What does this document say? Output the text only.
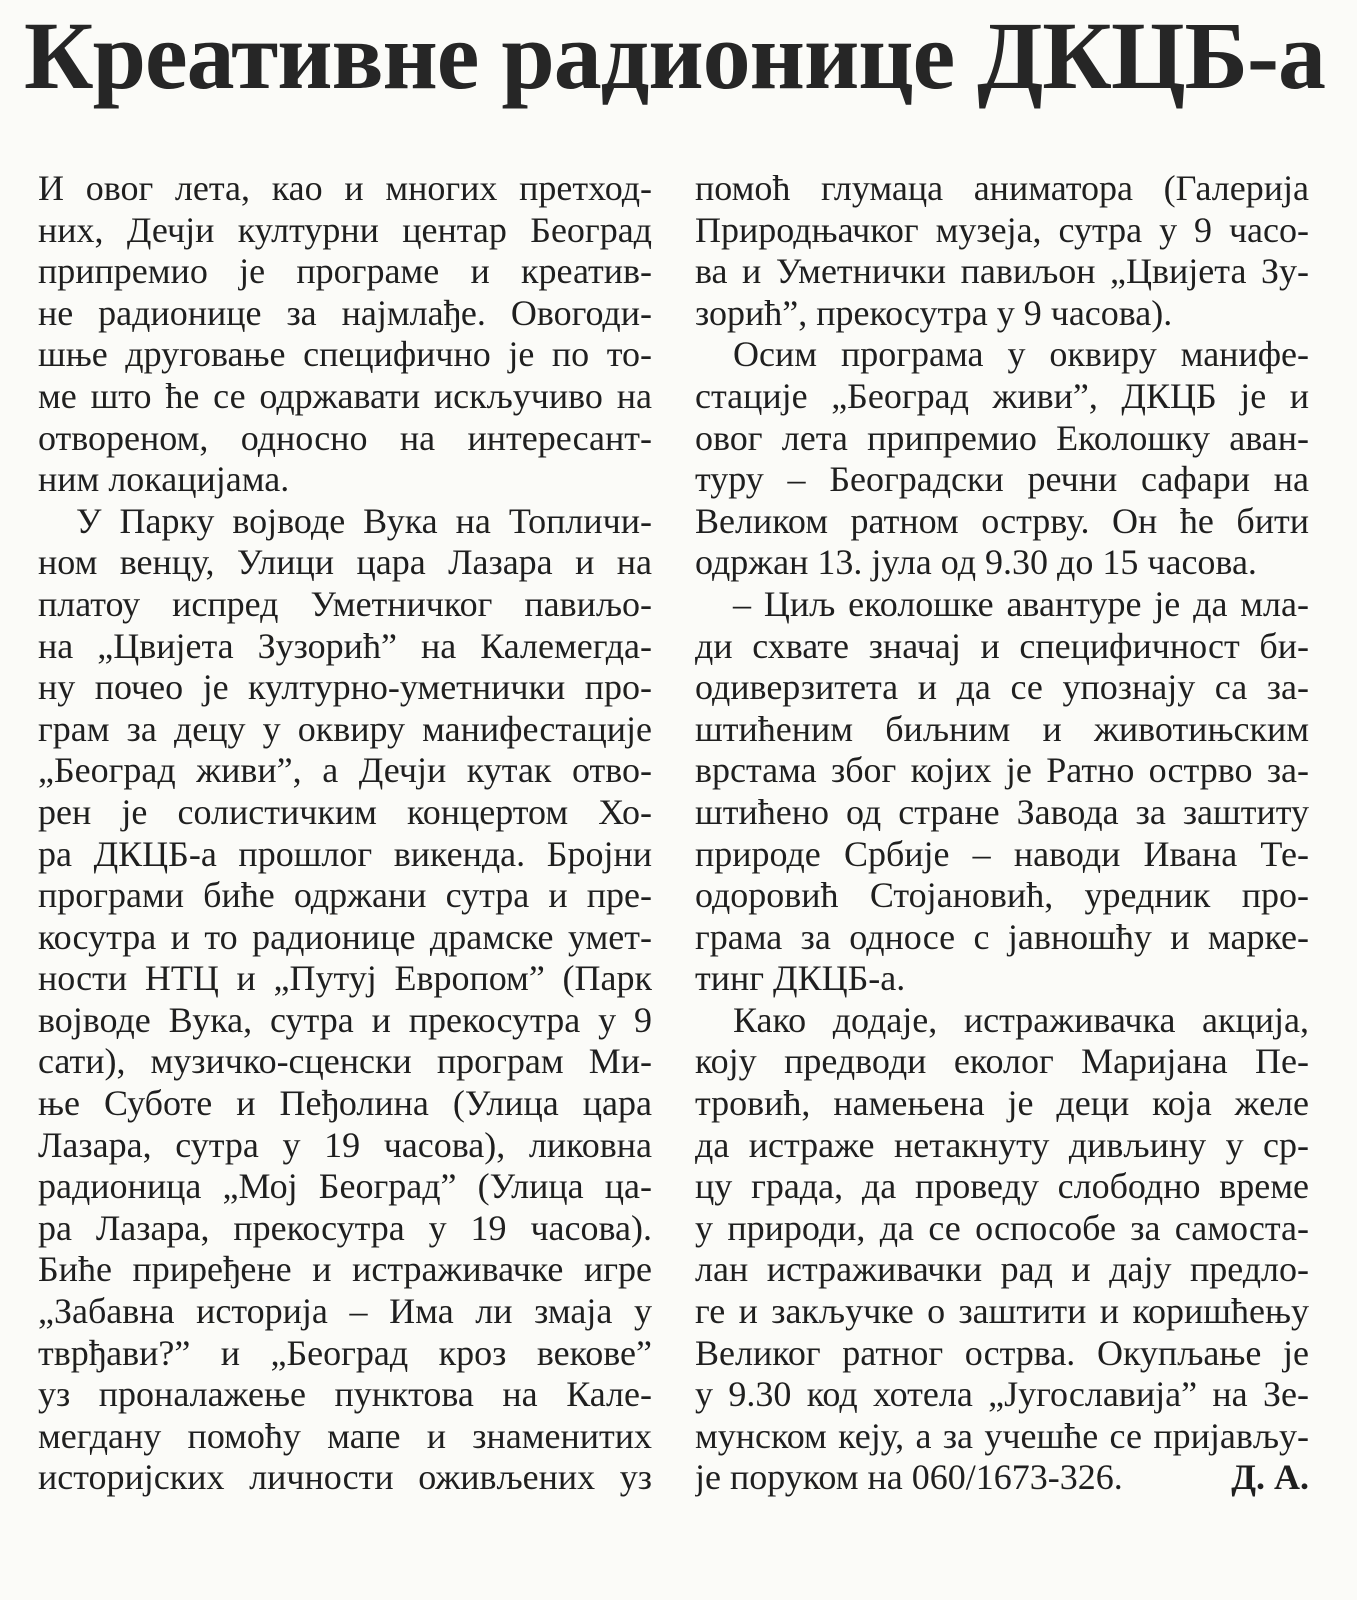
Креативне радионице ДКЦБ-а
И овог лета, као и многих претход-
них, Дечји културни центар Београд
припремио је програме и креатив-
не радионице за најмлађе. Овогоди-
шње друговање специфично је по то-
ме што ће се одржавати искључиво на
отвореном, односно на интересант-
ним локацијама.
У Парку војводе Вука на Топличи-
ном венцу, Улици цара Лазара и на
платоу испред Уметничког павиљо-
на „Цвијета Зузорић” на Калемегда-
ну почео је културно-уметнички про-
грам за децу у оквиру манифестације
„Београд живи”, а Дечји кутак отво-
рен је солистичким концертом Хо-
ра ДКЦБ-а прошлог викенда. Бројни
програми биће одржани сутра и пре-
косутра и то радионице драмске умет-
ности НТЦ и „Путуј Европом” (Парк
војводе Вука, сутра и прекосутра у 9
сати), музичко-сценски програм Ми-
ње Суботе и Пеђолина (Улица цара
Лазара, сутра у 19 часова), ликовна
радионица „Мој Београд” (Улица ца-
ра Лазара, прекосутра у 19 часова).
Биће приређене и истраживачке игре
„Забавна историја – Има ли змаја у
тврђави?” и „Београд кроз векове”
уз проналажење пунктова на Кале-
мегдану помоћу мапе и знаменитих
историјских личности оживљених уз
помоћ глумаца аниматора (Галерија
Природњачког музеја, сутра у 9 часо-
ва и Уметнички павиљон „Цвијета Зу-
зорић”, прекосутра у 9 часова).
Осим програма у оквиру манифе-
стације „Београд живи”, ДКЦБ је и
овог лета припремио Еколошку аван-
туру – Београдски речни сафари на
Великом ратном острву. Он ће бити
одржан 13. јула од 9.30 до 15 часова.
– Циљ еколошке авантуре је да мла-
ди схвате значај и специфичност би-
одиверзитета и да се упознају са за-
штићеним биљним и животињским
врстама због којих је Ратно острво за-
штићено од стране Завода за заштиту
природе Србије – наводи Ивана Те-
одоровић Стојановић, уредник про-
грама за односе с јавношћу и марке-
тинг ДКЦБ-а.
Како додаје, истраживачка акција,
коју предводи еколог Маријана Пе-
тровић, намењена је деци која желе
да истраже нетакнуту дивљину у ср-
цу града, да проведу слободно време
у природи, да се оспособе за самоста-
лан истраживачки рад и дају предло-
ге и закључке о заштити и коришћењу
Великог ратног острва. Окупљање је
у 9.30 код хотела „Југославија” на Зе-
мунском кеју, а за учешће се пријављу-
је поруком на 060/1673-326.	Д. А.
